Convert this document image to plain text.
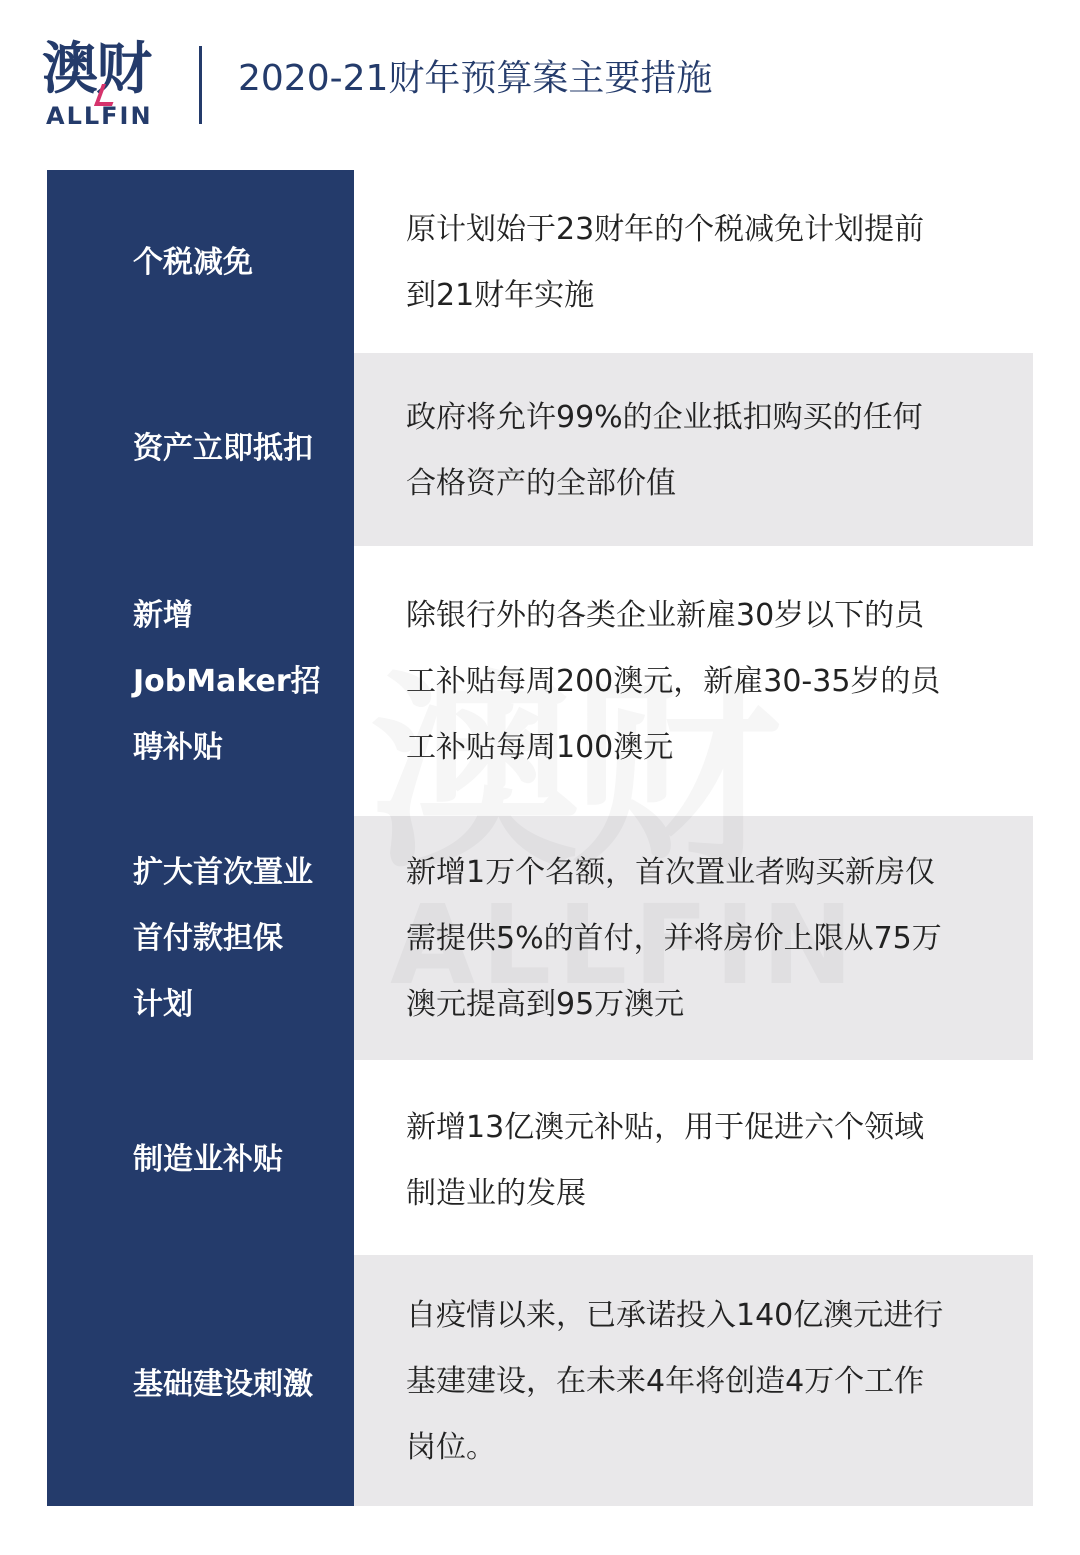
澳财
ALLFIN
2020-21财年预算案主要措施
个税减免
原计划始于23财年的个税减免计划提前
到21财年实施
资产立即抵扣
政府将允许99%的企业抵扣购买的任何
合格资产的全部价值
新增
JobMaker招
聘补贴
除银行外的各类企业新雇30岁以下的员
工补贴每周200澳元，新雇30-35岁的员
工补贴每周100澳元
扩大首次置业
首付款担保
计划
新增1万个名额，首次置业者购买新房仅
需提供5%的首付，并将房价上限从75万
澳元提高到95万澳元
制造业补贴
新增13亿澳元补贴，用于促进六个领域
制造业的发展
基础建设刺激
自疫情以来，已承诺投入140亿澳元进行
基建建设，在未来4年将创造4万个工作
岗位。
